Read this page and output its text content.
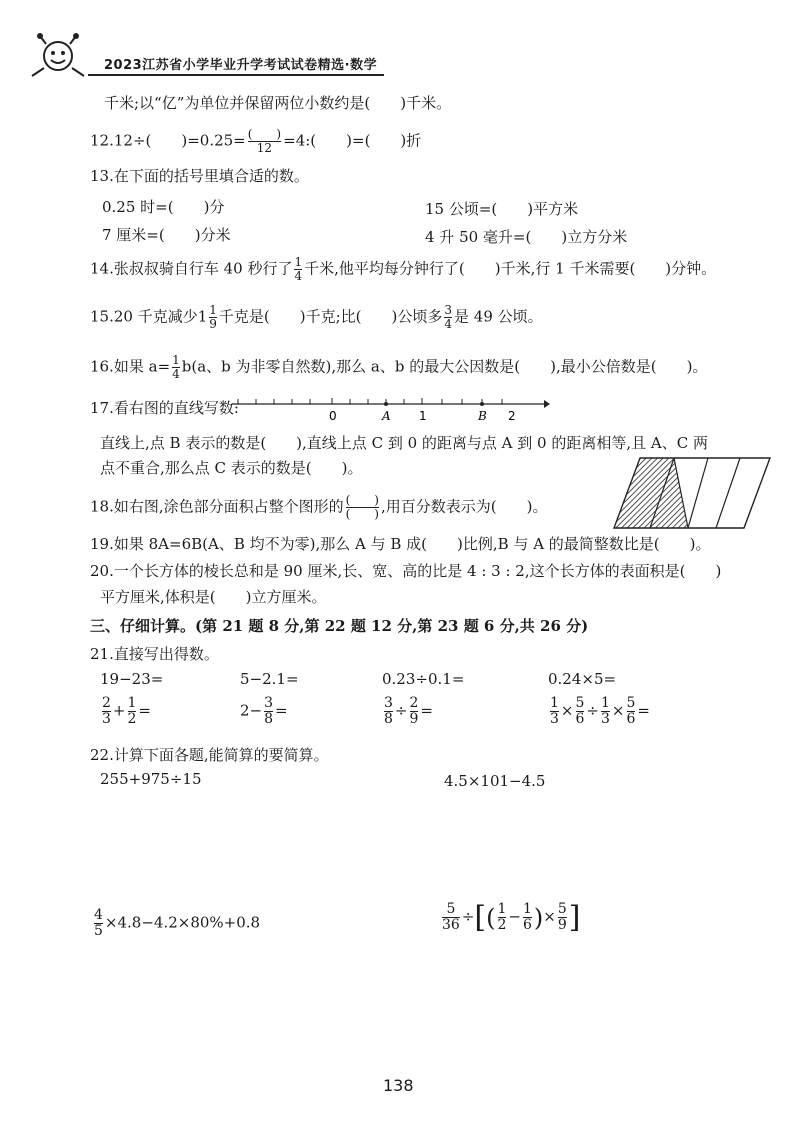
2023江苏省小学毕业升学考试试卷精选·数学
千米;以“亿”为单位并保留两位小数约是(　　)千米。
12.12÷(　　)$=0.25= \frac{( )}{12}$ =4:(　　)=(　　)折
13.在下面的括号里填合适的数。
0.25 时=(　　)分	15 公顷=(　　)平方米
7 厘米=(　　)分米	4 升 50 毫升=(　　)立方分米
14.张叔叔骑自行车 40 秒行了 $\frac{1}{4}$ 千米,他平均每分钟行了(　　)千米,行 1 千米需要(　　)分钟。
15.20 千克减少$1 \frac{1}{9}$ 千克是(　　)千克;比(　　)公顷多 $\frac{3}{4}$ 是 49 公顷。
16.如果 $a= \frac{1}{4} b(a$、b 为非零自然数),那么 a、b 的最大公因数是(　　),最小公倍数是(　　)。
17.看右图的直线写数:	0	A 1	B 2
直线上,点 B 表示的数是(　　),直线上点 C 到 0 的距离与点 A 到 0 的距离相等,且 A、C 两
点不重合,那么点 C 表示的数是(　　)。
18.如右图,涂色部分面积占整个图形的 $\frac{( )}{( )}$ ,用百分数表示为(　　)。
19.如果 8A=6B(A、B 均不为零),那么 A 与 B 成(　　)比例,B 与 A 的最简整数比是(　　)。
20.一个长方体的棱长总和是 90 厘米,长、宽、高的比是 4 : 3 : 2,这个长方体的表面积是(　　)
平方厘米,体积是(　　)立方厘米。
三、仔细计算。(第 21 题 8 分,第 22 题 12 分,第 23 题 6 分,共 26 分)
21.直接写出得数。
19−23=	5−2.1=	0.23÷0.1=	0.24×5=
$\frac{2}{3} + \frac{1}{2}$ =	$2- \frac{3}{8}$ =	$\frac{3}{8} \div \frac{2}{9}$ =	$\frac{1}{3} \times \frac{5}{6} \div \frac{1}{3} \times \frac{5}{6}$ =
22.计算下面各题,能简算的要简算。
255+975÷15	4.5×101−4.5
$\frac{4}{5} \times 4.8-4.2\times 80\%+0.8$	$\frac{5}{36}$ ÷[( $\frac{1}{2} - \frac{1}{6}$ )× $\frac{5}{9}$ ]
138
